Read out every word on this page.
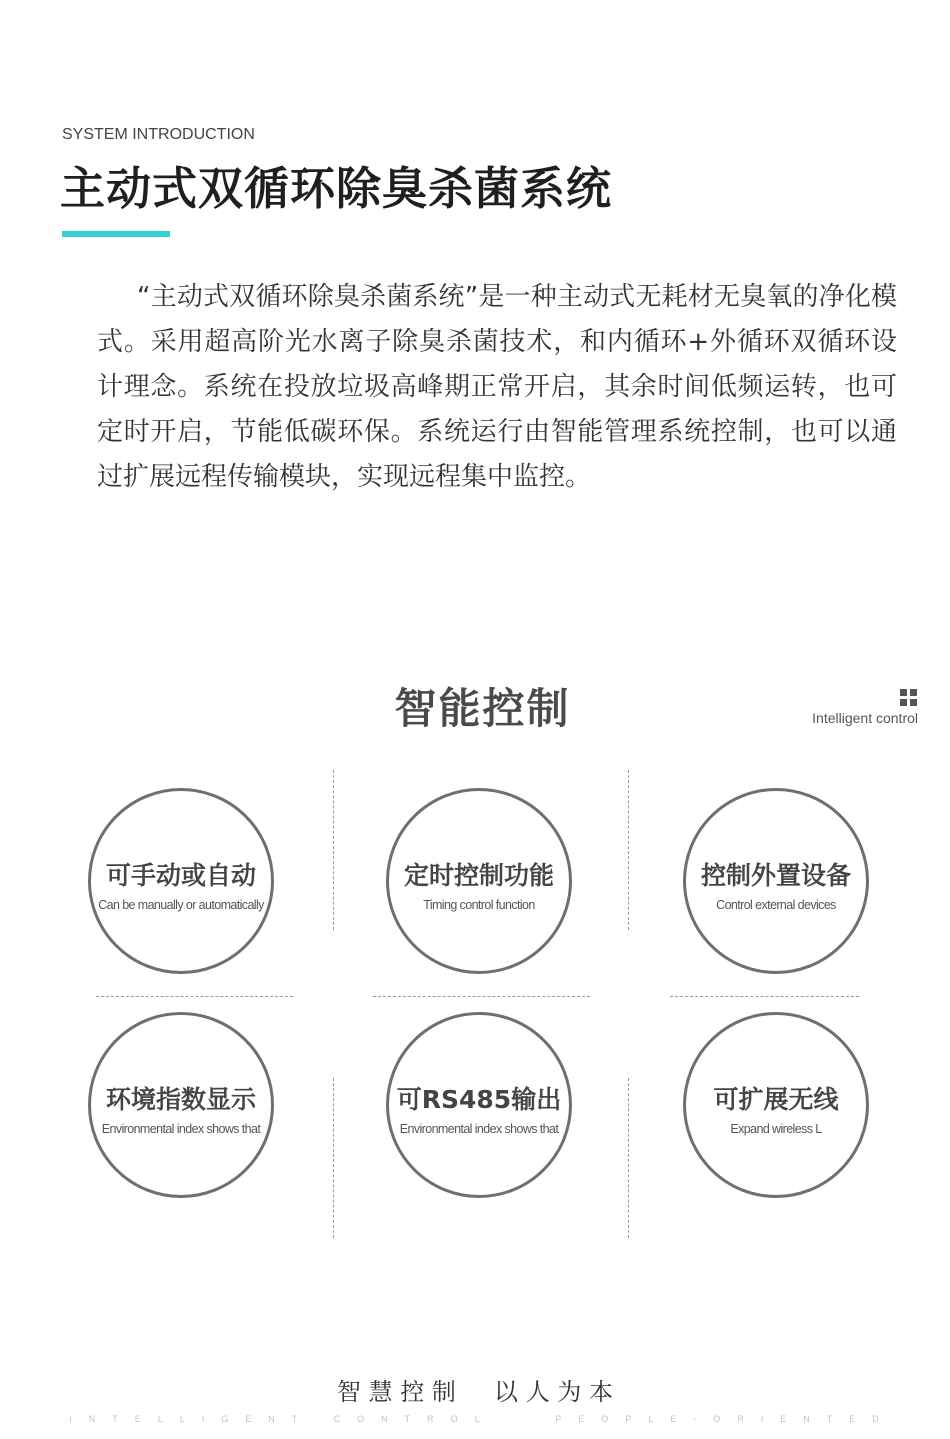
SYSTEM INTRODUCTION
主动式双循环除臭杀菌系统
“主动式双循环除臭杀菌系统”是一种主动式无耗材无臭氧的净化模式。采用超高阶光水离子除臭杀菌技术，和内循环+外循环双循环设计理念。系统在投放垃圾高峰期正常开启，其余时间低频运转，也可定时开启，节能低碳环保。系统运行由智能管理系统控制，也可以通过扩展远程传输模块，实现远程集中监控。
智能控制	Intelligent control
可手动或自动
Can be manually or automatically
定时控制功能
Timing control function
控制外置设备
Control external devices
环境指数显示
Environmental index shows that
可RS485输出
Environmental index shows that
可扩展无线
Expand wireless L
智 慧 控 制     以 人 为 本
INTELLIGENT CONTROL · PEOPLE-ORIENTED
